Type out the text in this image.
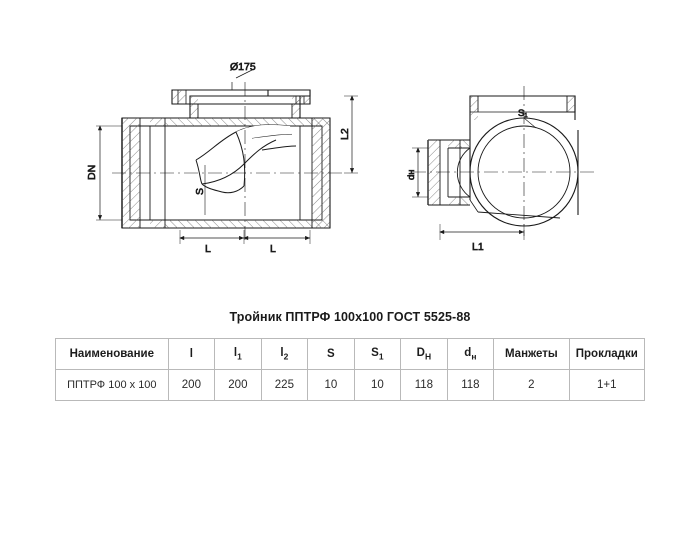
Ø175
DN
L2
S
L	L
S₁
dн
L1
Тройник ППТРФ 100x100 ГОСТ 5525-88
Наименование	l	$l_1$	$l_2$	S	$S_1$	$D_Н$	$d_н$	Манжеты	Прокладки
ППТРФ 100 х 100	200	200	225	10	10	118	118	2	1+1
